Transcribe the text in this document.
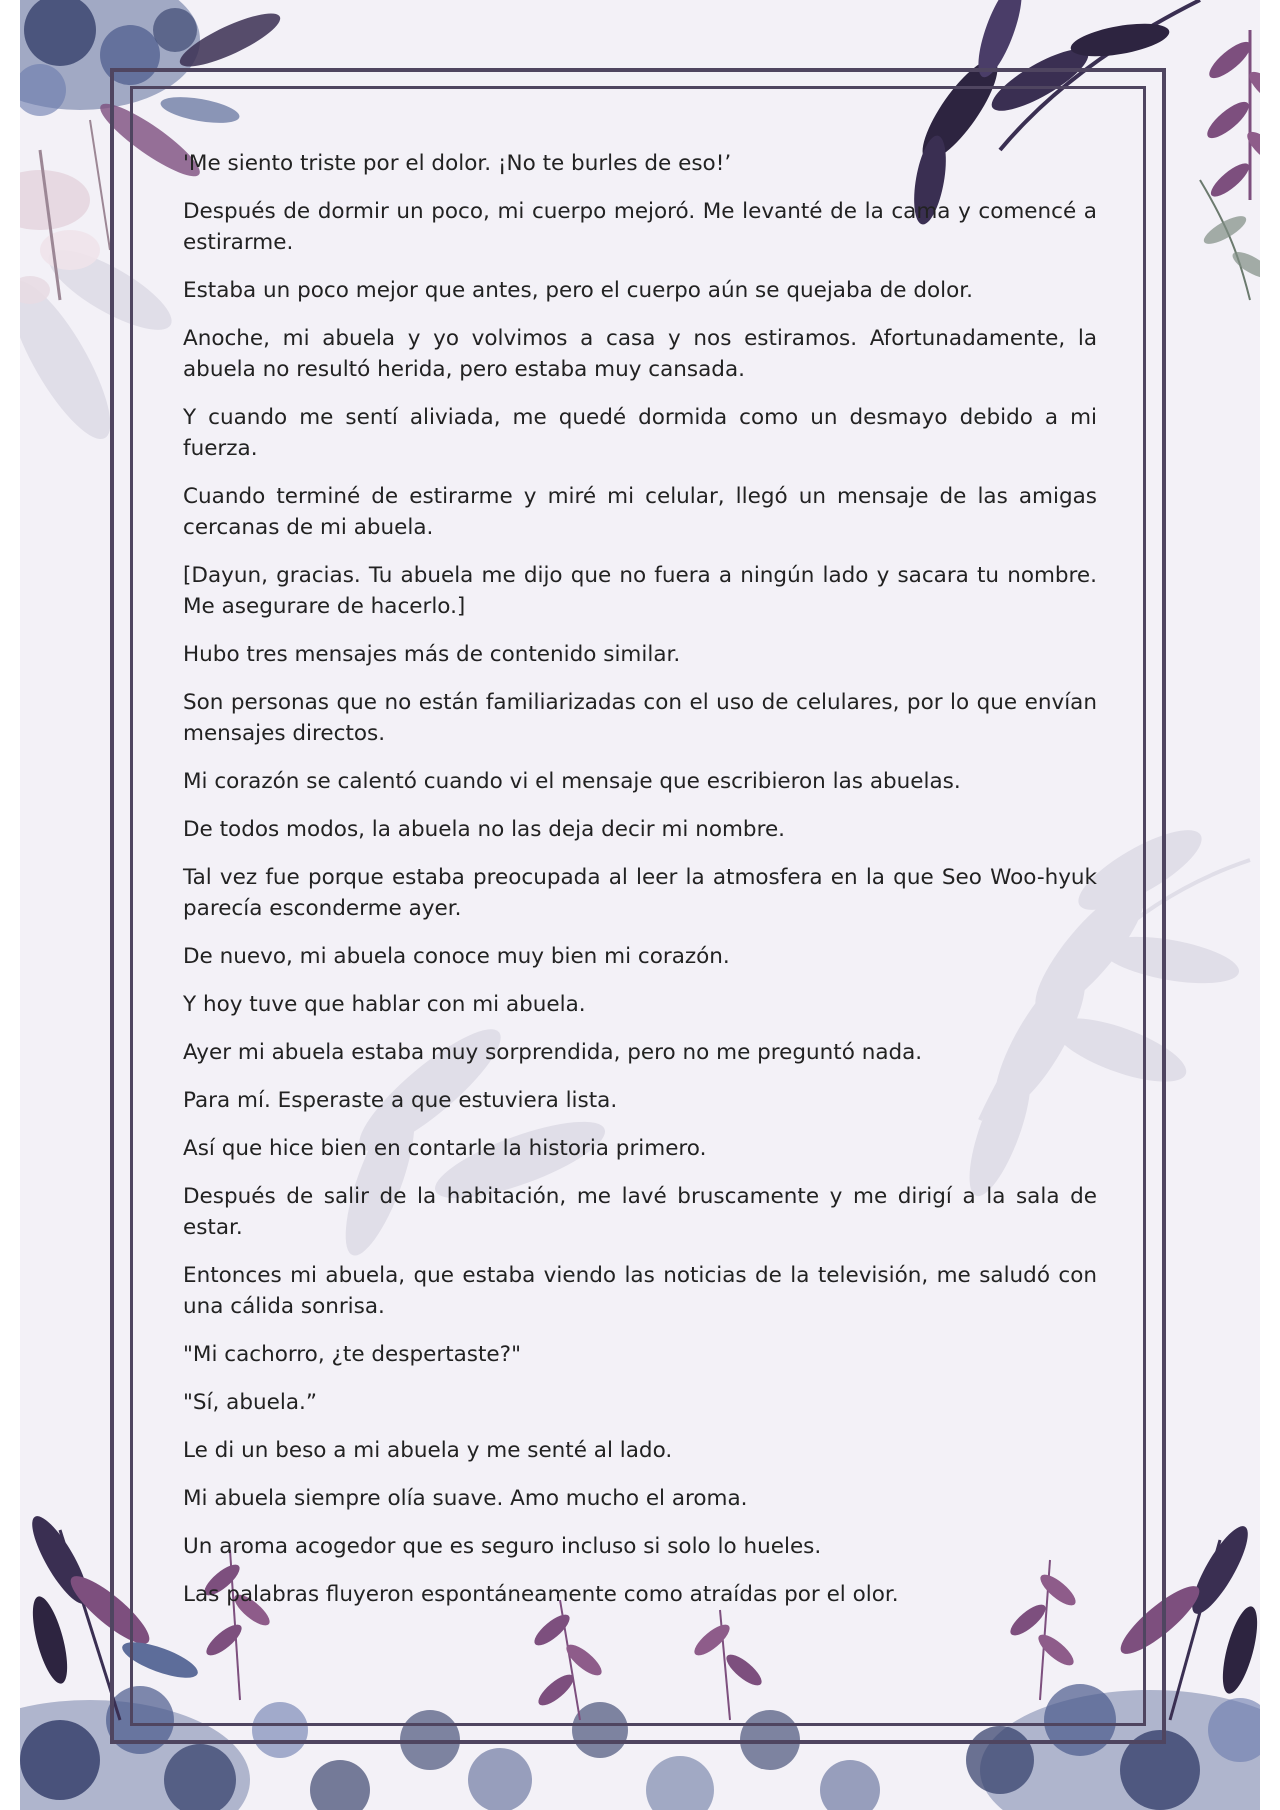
'Me siento triste por el dolor. ¡No te burles de eso!’

Después de dormir un poco, mi cuerpo mejoró. Me levanté de la cama y comencé a estirarme.

Estaba un poco mejor que antes, pero el cuerpo aún se quejaba de dolor.

Anoche, mi abuela y yo volvimos a casa y nos estiramos. Afortunadamente, la abuela no resultó herida, pero estaba muy cansada.

Y cuando me sentí aliviada, me quedé dormida como un desmayo debido a mi fuerza.

Cuando terminé de estirarme y miré mi celular, llegó un mensaje de las amigas cercanas de mi abuela.

[Dayun, gracias. Tu abuela me dijo que no fuera a ningún lado y sacara tu nombre. Me asegurare de hacerlo.]

Hubo tres mensajes más de contenido similar.

Son personas que no están familiarizadas con el uso de celulares, por lo que envían mensajes directos.

Mi corazón se calentó cuando vi el mensaje que escribieron las abuelas.

De todos modos, la abuela no las deja decir mi nombre.

Tal vez fue porque estaba preocupada al leer la atmosfera en la que Seo Woo-hyuk parecía esconderme ayer.

De nuevo, mi abuela conoce muy bien mi corazón.

Y hoy tuve que hablar con mi abuela.

Ayer mi abuela estaba muy sorprendida, pero no me preguntó nada.

Para mí. Esperaste a que estuviera lista.

Así que hice bien en contarle la historia primero.

Después de salir de la habitación, me lavé bruscamente y me dirigí a la sala de estar.

Entonces mi abuela, que estaba viendo las noticias de la televisión, me saludó con una cálida sonrisa.

"Mi cachorro, ¿te despertaste?"

"Sí, abuela.”

Le di un beso a mi abuela y me senté al lado.

Mi abuela siempre olía suave. Amo mucho el aroma.

Un aroma acogedor que es seguro incluso si solo lo hueles.

Las palabras fluyeron espontáneamente como atraídas por el olor.
